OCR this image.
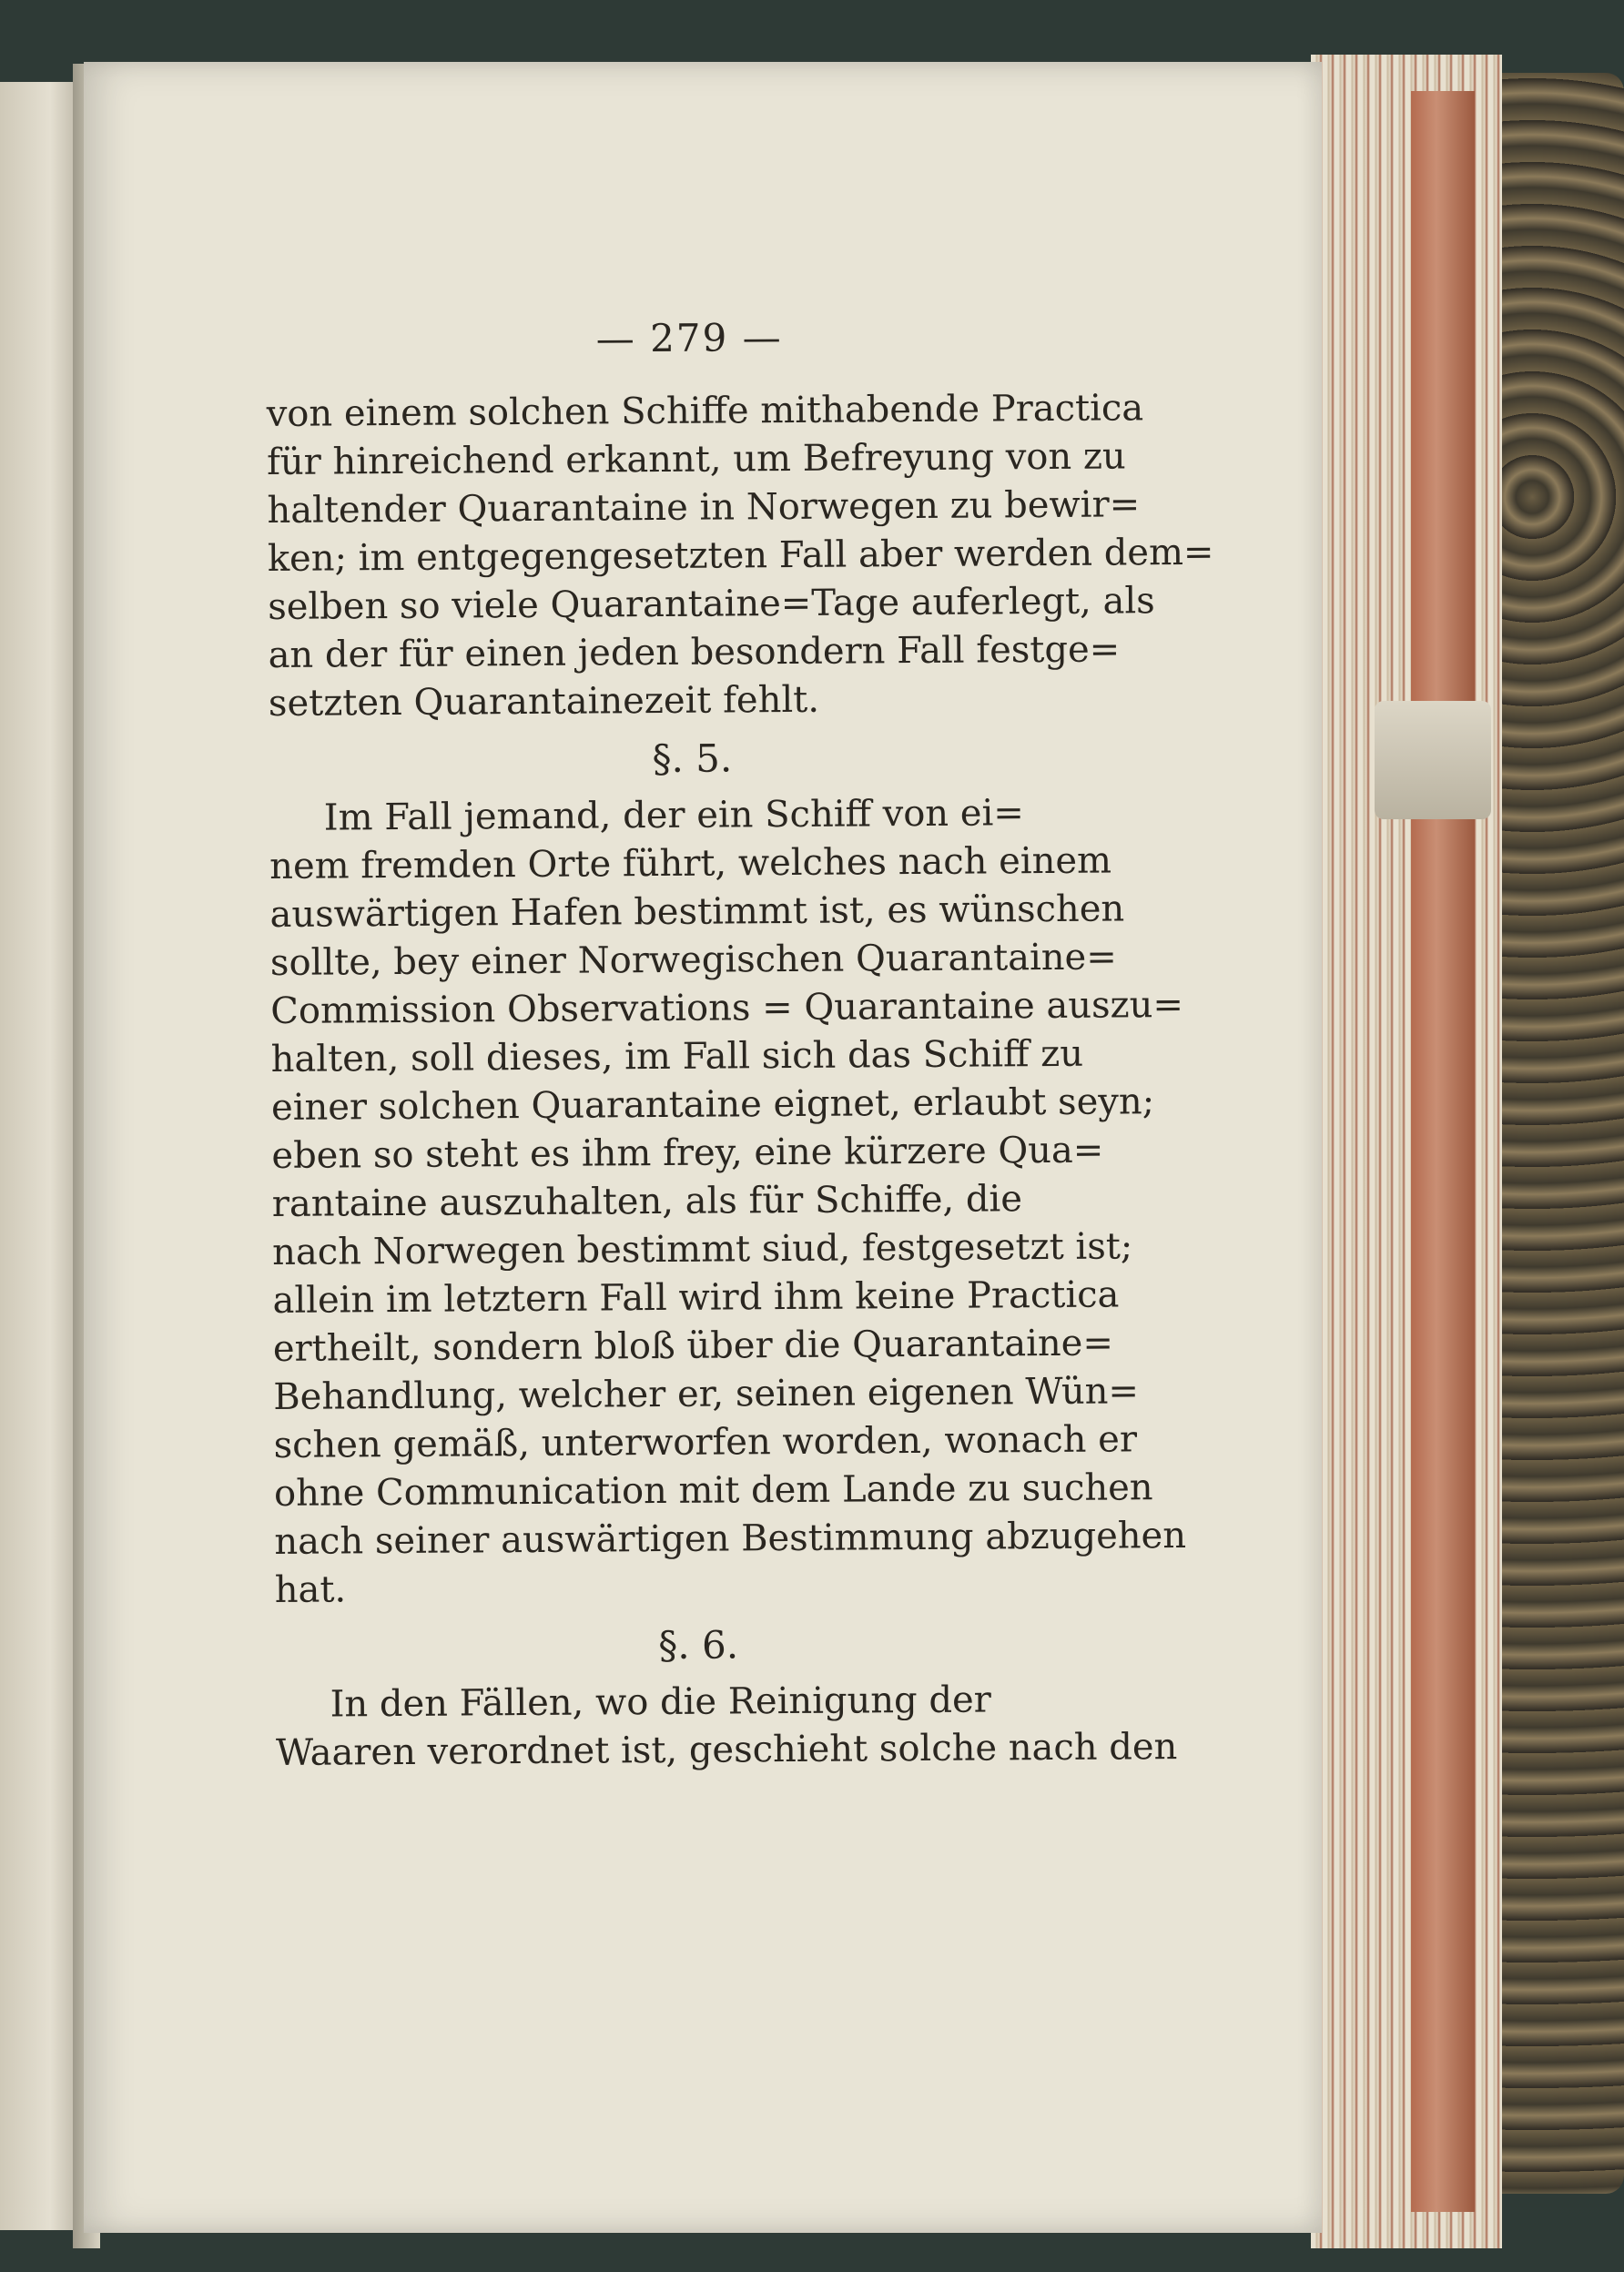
— 279 —
von einem solchen Schiffe mithabende Practica
für hinreichend erkannt, um Befreyung von zu
haltender Quarantaine in Norwegen zu bewir=
ken; im entgegengesetzten Fall aber werden dem=
selben so viele Quarantaine=Tage auferlegt, als
an der für einen jeden besondern Fall festge=
setzten Quarantainezeit fehlt.
§. 5.
Im Fall jemand, der ein Schiff von ei=
nem fremden Orte führt, welches nach einem
auswärtigen Hafen bestimmt ist, es wünschen
sollte, bey einer Norwegischen Quarantaine=
Commission Observations = Quarantaine auszu=
halten, soll dieses, im Fall sich das Schiff zu
einer solchen Quarantaine eignet, erlaubt seyn;
eben so steht es ihm frey, eine kürzere Qua=
rantaine auszuhalten, als für Schiffe, die
nach Norwegen bestimmt siud, festgesetzt ist;
allein im letztern Fall wird ihm keine Practica
ertheilt, sondern bloß über die Quarantaine=
Behandlung, welcher er, seinen eigenen Wün=
schen gemäß, unterworfen worden, wonach er
ohne Communication mit dem Lande zu suchen
nach seiner auswärtigen Bestimmung abzugehen
hat.
§. 6.
In den Fällen, wo die Reinigung der
Waaren verordnet ist, geschieht solche nach den
